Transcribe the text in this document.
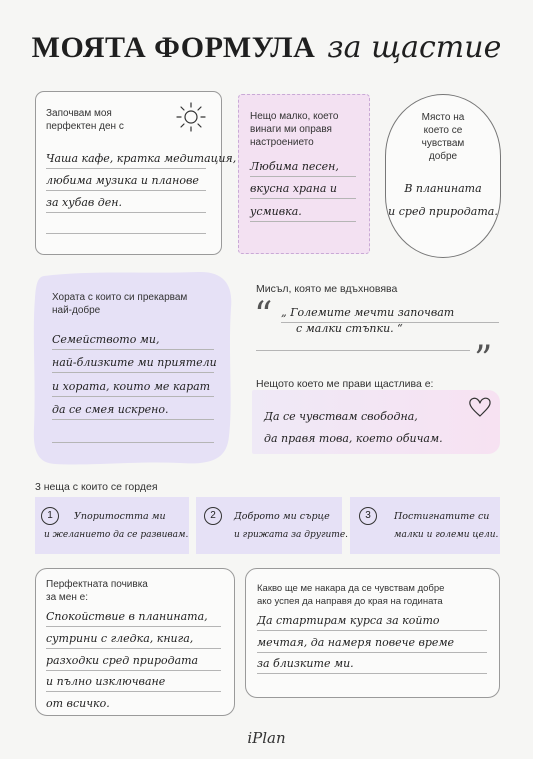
МОЯТА ФОРМУЛА за щастие
Започвам моя
перфектен ден с
Чаша кафе, кратка медитация,
любима музика и планове
за хубав ден.
Нещо малко, което
винаги ми оправя
настроението
Любима песен,
вкусна храна и
усмивка.
Място на
което се
чувствам
добре
В планината
и сред природата.
Хората с които си прекарвам
най-добре
Семейството ми,
най-близките ми приятели
и хората, които ме карат
да се смея искрено.
Мисъл, която ме вдъхновява
“ „ Големите мечти започват
с малки стъпки. “
”
Нещото което ме прави щастлива е:
Да се чувствам свободна,
да правя това, което обичам.
3 неща с които се гордея
1	Упоритостта ми
и желанието да се развивам.
2	Доброто ми сърце
и грижата за другите.
3	Постигнатите си
малки и големи цели.
Перфектната почивка
за мен е:
Спокойствие в планината,
сутрини с гледка, книга,
разходки сред природата
и пълно изключване
от всичко.
Какво ще ме накара да се чувствам добре
ако успея да направя до края на годината
Да стартирам курса за който
мечтая, да намеря повече време
за близките ми.
iPlan
